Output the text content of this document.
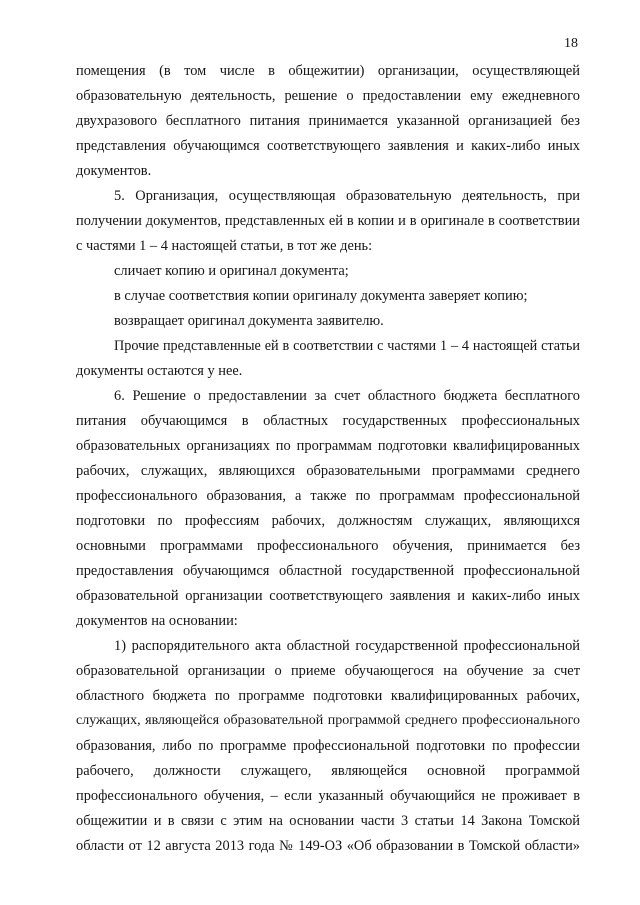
18
помещения (в том числе в общежитии) организации, осуществляющей
образовательную деятельность, решение о предоставлении ему ежедневного
двухразового бесплатного питания принимается указанной организацией без
представления обучающимся соответствующего заявления и каких-либо иных
документов.
5. Организация, осуществляющая образовательную деятельность, при
получении документов, представленных ей в копии и в оригинале в соответствии
с частями 1 – 4 настоящей статьи, в тот же день:
сличает копию и оригинал документа;
в случае соответствия копии оригиналу документа заверяет копию;
возвращает оригинал документа заявителю.
Прочие представленные ей в соответствии с частями 1 – 4 настоящей статьи
документы остаются у нее.
6. Решение о предоставлении за счет областного бюджета бесплатного
питания обучающимся в областных государственных профессиональных
образовательных организациях по программам подготовки квалифицированных
рабочих, служащих, являющихся образовательными программами среднего
профессионального образования, а также по программам профессиональной
подготовки по профессиям рабочих, должностям служащих, являющихся
основными программами профессионального обучения, принимается без
предоставления обучающимся областной государственной профессиональной
образовательной организации соответствующего заявления и каких-либо иных
документов на основании:
1) распорядительного акта областной государственной профессиональной
образовательной организации о приеме обучающегося на обучение за счет
областного бюджета по программе подготовки квалифицированных рабочих,
служащих, являющейся образовательной программой среднего профессионального
образования, либо по программе профессиональной подготовки по профессии
рабочего, должности служащего, являющейся основной программой
профессионального обучения, – если указанный обучающийся не проживает в
общежитии и в связи с этим на основании части 3 статьи 14 Закона Томской
области от 12 августа 2013 года № 149-ОЗ «Об образовании в Томской области»
